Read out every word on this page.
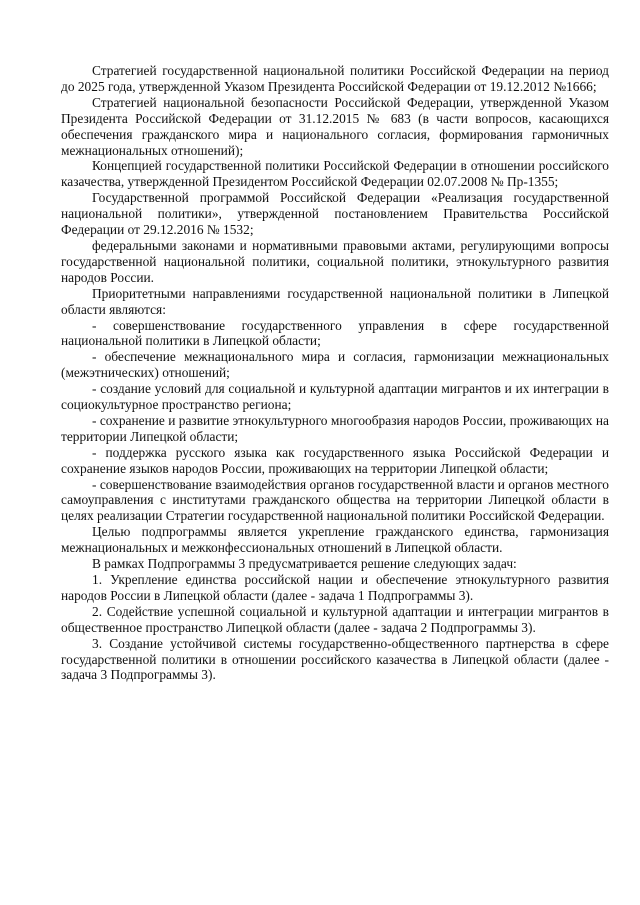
Стратегией государственной национальной политики Российской Федерации на период до 2025 года, утвержденной Указом Президента Российской Федерации от 19.12.2012 №1666;

Стратегией национальной безопасности Российской Федерации, утвержденной Указом Президента Российской Федерации от 31.12.2015 № 683 (в части вопросов, касающихся обеспечения гражданского мира и национального согласия, формирования гармоничных межнациональных отношений);

Концепцией государственной политики Российской Федерации в отношении российского казачества, утвержденной Президентом Российской Федерации 02.07.2008 № Пр-1355;

Государственной программой Российской Федерации «Реализация государственной национальной политики», утвержденной постановлением Правительства Российской Федерации от 29.12.2016 № 1532;

федеральными законами и нормативными правовыми актами, регулирующими вопросы государственной национальной политики, социальной политики, этнокультурного развития народов России.

Приоритетными направлениями государственной национальной политики в Липецкой области являются:

- совершенствование государственного управления в сфере государственной национальной политики в Липецкой области;

- обеспечение межнационального мира и согласия, гармонизации межнациональных (межэтнических) отношений;

- создание условий для социальной и культурной адаптации мигрантов и их интеграции в социокультурное пространство региона;

- сохранение и развитие этнокультурного многообразия народов России, проживающих на территории Липецкой области;

- поддержка русского языка как государственного языка Российской Федерации и сохранение языков народов России, проживающих на территории Липецкой области;

- совершенствование взаимодействия органов государственной власти и органов местного самоуправления с институтами гражданского общества на территории Липецкой области в целях реализации Стратегии государственной национальной политики Российской Федерации.

Целью подпрограммы является укрепление гражданского единства, гармонизация межнациональных и межконфессиональных отношений в Липецкой области.

В рамках Подпрограммы 3 предусматривается решение следующих задач:

1. Укрепление единства российской нации и обеспечение этнокультурного развития народов России в Липецкой области (далее - задача 1 Подпрограммы 3).

2. Содействие успешной социальной и культурной адаптации и интеграции мигрантов в общественное пространство Липецкой области (далее - задача 2 Подпрограммы 3).

3. Создание устойчивой системы государственно-общественного партнерства в сфере государственной политики в отношении российского казачества в Липецкой области (далее - задача 3 Подпрограммы 3).
